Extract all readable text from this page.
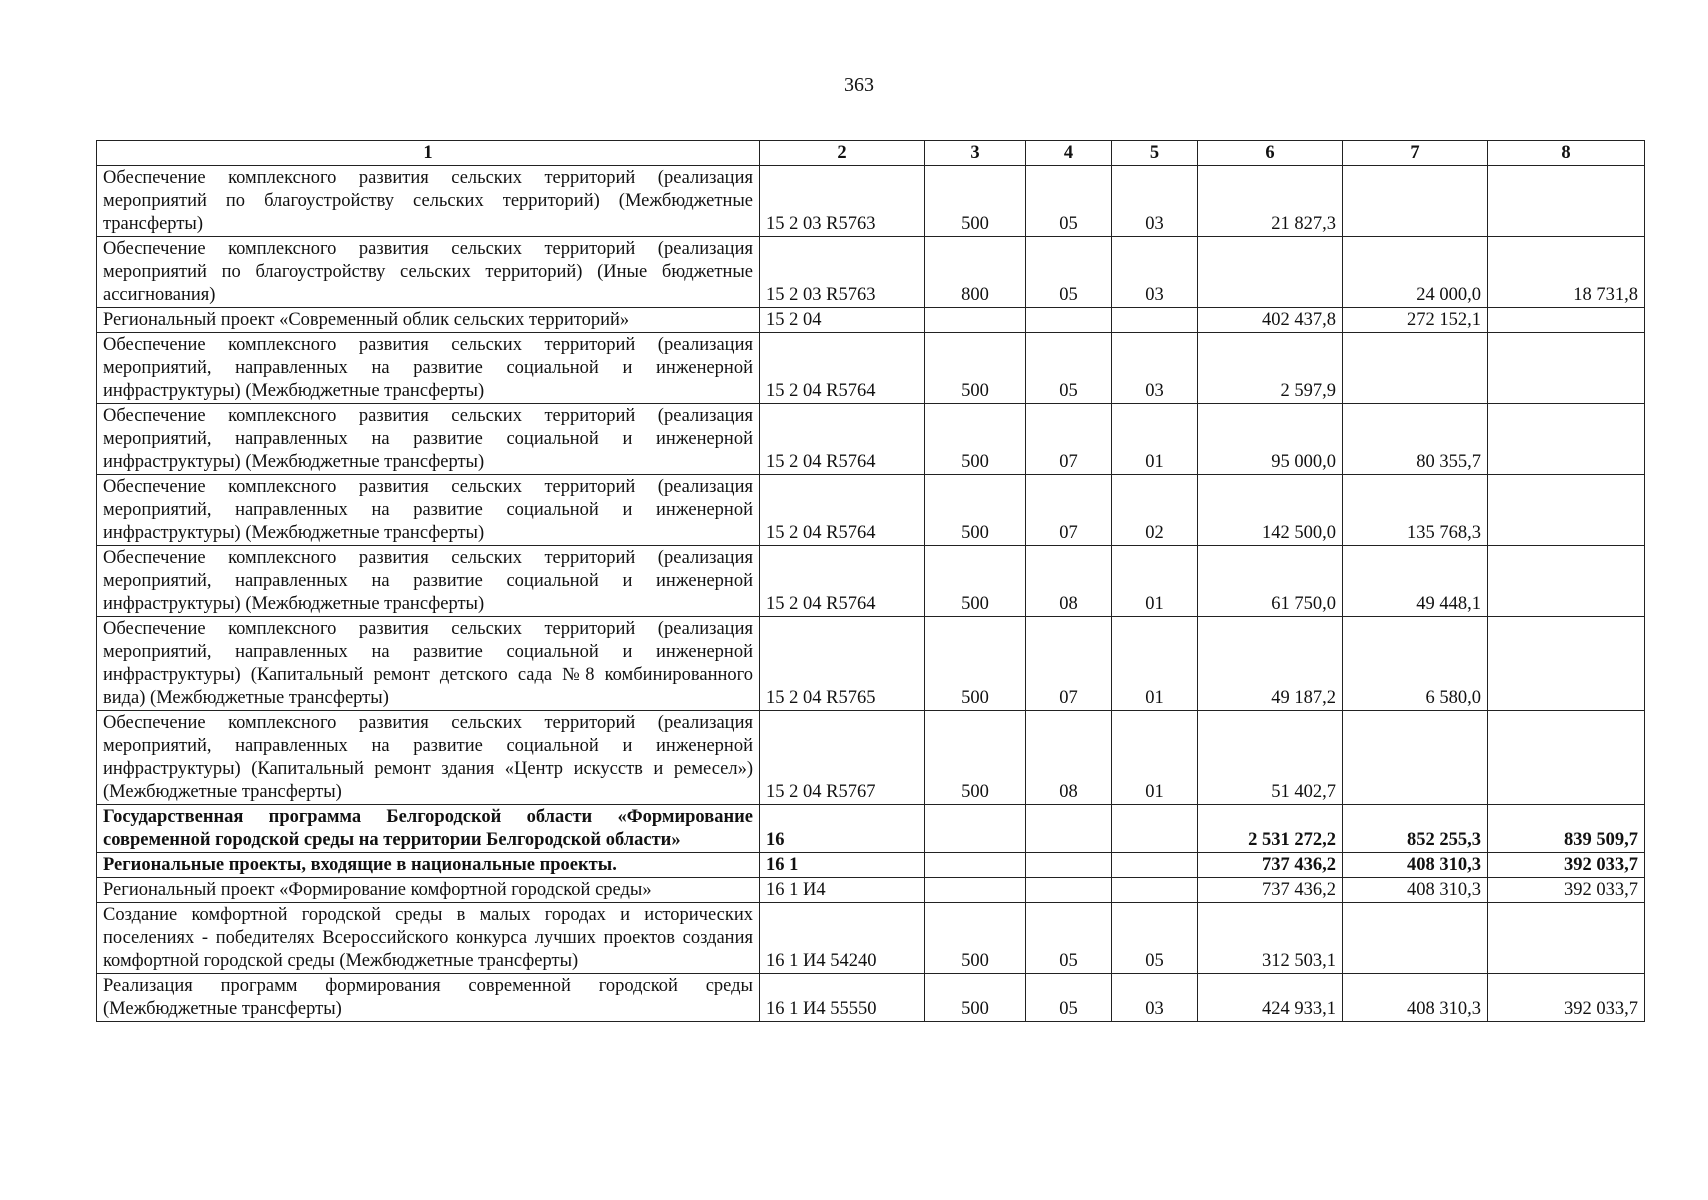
363
1	2	3	4	5	6	7	8
Обеспечение комплексного развития сельских территорий (реализация мероприятий по благоустройству сельских территорий) (Межбюджетные трансферты)	15 2 03 R5763	500	05	03	21 827,3		
Обеспечение комплексного развития сельских территорий (реализация мероприятий по благоустройству сельских территорий) (Иные бюджетные ассигнования)	15 2 03 R5763	800	05	03		24 000,0	18 731,8
Региональный проект «Современный облик сельских территорий»	15 2 04				402 437,8	272 152,1	
Обеспечение комплексного развития сельских территорий (реализация мероприятий, направленных на развитие социальной и инженерной инфраструктуры) (Межбюджетные трансферты)	15 2 04 R5764	500	05	03	2 597,9		
Обеспечение комплексного развития сельских территорий (реализация мероприятий, направленных на развитие социальной и инженерной инфраструктуры) (Межбюджетные трансферты)	15 2 04 R5764	500	07	01	95 000,0	80 355,7	
Обеспечение комплексного развития сельских территорий (реализация мероприятий, направленных на развитие социальной и инженерной инфраструктуры) (Межбюджетные трансферты)	15 2 04 R5764	500	07	02	142 500,0	135 768,3	
Обеспечение комплексного развития сельских территорий (реализация мероприятий, направленных на развитие социальной и инженерной инфраструктуры) (Межбюджетные трансферты)	15 2 04 R5764	500	08	01	61 750,0	49 448,1	
Обеспечение комплексного развития сельских территорий (реализация мероприятий, направленных на развитие социальной и инженерной инфраструктуры) (Капитальный ремонт детского сада №8 комбинированного вида) (Межбюджетные трансферты)	15 2 04 R5765	500	07	01	49 187,2	6 580,0	
Обеспечение комплексного развития сельских территорий (реализация мероприятий, направленных на развитие социальной и инженерной инфраструктуры) (Капитальный ремонт здания «Центр искусств и ремесел») (Межбюджетные трансферты)	15 2 04 R5767	500	08	01	51 402,7		
Государственная программа Белгородской области «Формирование современной городской среды на территории Белгородской области»	16				2 531 272,2	852 255,3	839 509,7
Региональные проекты, входящие в национальные проекты.	16 1				737 436,2	408 310,3	392 033,7
Региональный проект «Формирование комфортной городской среды»	16 1 И4				737 436,2	408 310,3	392 033,7
Создание комфортной городской среды в малых городах и исторических поселениях - победителях Всероссийского конкурса лучших проектов создания комфортной городской среды (Межбюджетные трансферты)	16 1 И4 54240	500	05	05	312 503,1		
Реализация программ формирования современной городской среды (Межбюджетные трансферты)	16 1 И4 55550	500	05	03	424 933,1	408 310,3	392 033,7
